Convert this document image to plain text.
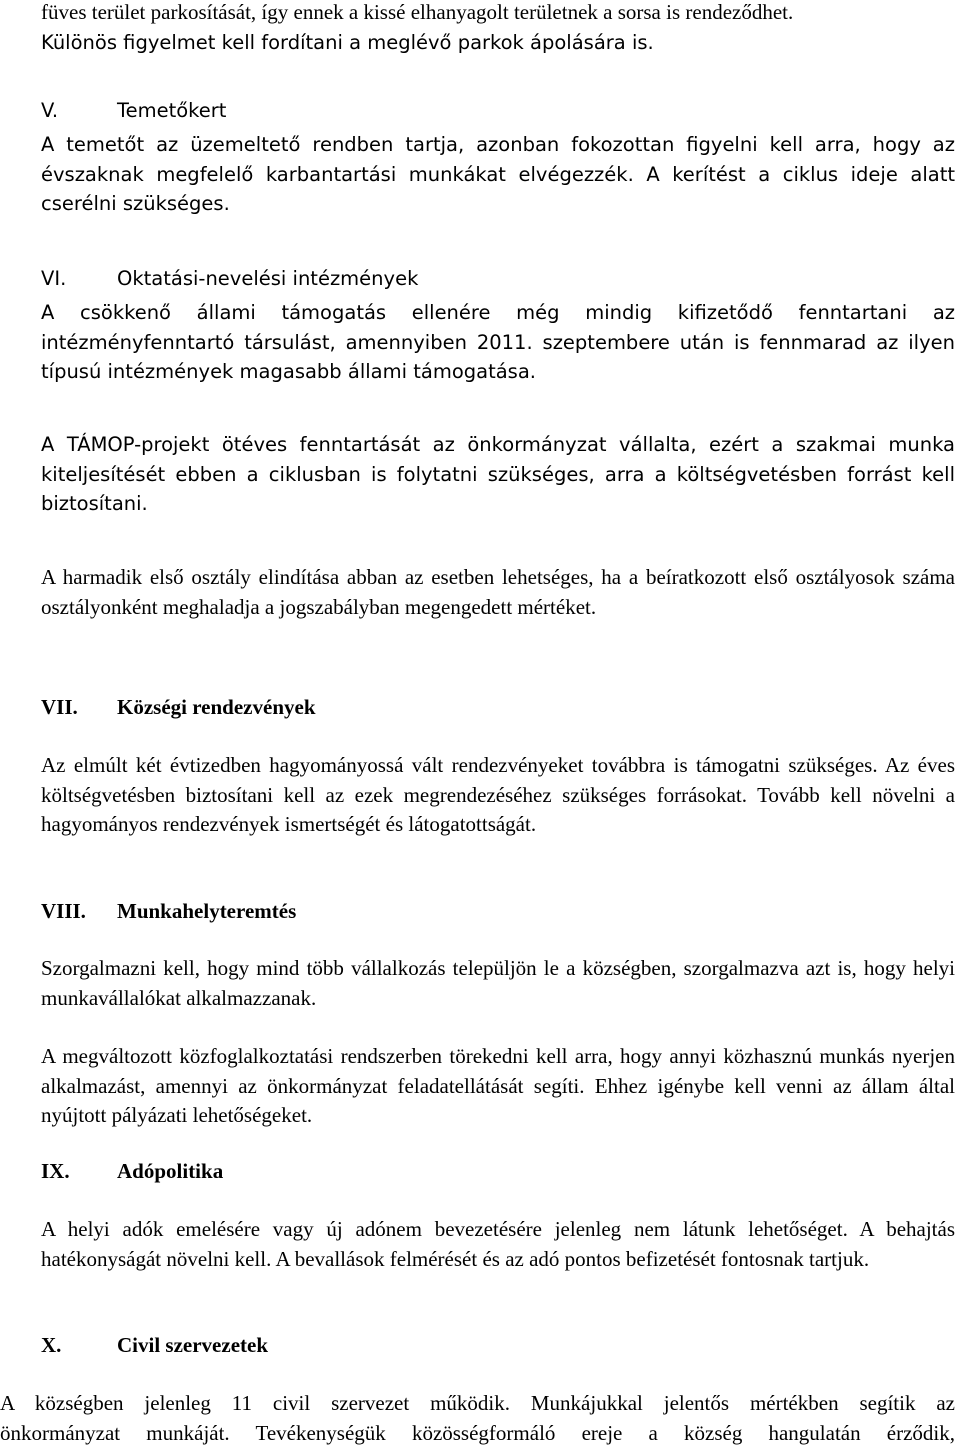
füves terület parkosítását, így ennek a kissé elhanyagolt területnek a sorsa is rendeződhet.
Különös figyelmet kell fordítani a meglévő parkok ápolására is.
V.	Temetőkert
A temetőt az üzemeltető rendben tartja, azonban fokozottan figyelni kell arra, hogy az évszaknak megfelelő karbantartási munkákat elvégezzék. A kerítést a ciklus ideje alatt cserélni szükséges.
VI.	Oktatási-nevelési intézmények
A csökkenő állami támogatás ellenére még mindig kifizetődő fenntartani az intézményfenntartó társulást, amennyiben 2011. szeptembere után is fennmarad az ilyen típusú intézmények magasabb állami támogatása.
A TÁMOP-projekt ötéves fenntartását az önkormányzat vállalta, ezért a szakmai munka kiteljesítését ebben a ciklusban is folytatni szükséges, arra a költségvetésben forrást kell biztosítani.
A harmadik első osztály elindítása abban az esetben lehetséges, ha a beíratkozott első osztályosok száma osztályonként meghaladja a jogszabályban megengedett mértéket.
VII.	Községi rendezvények
Az elmúlt két évtizedben hagyományossá vált rendezvényeket továbbra is támogatni szükséges. Az éves költségvetésben biztosítani kell az ezek megrendezéséhez szükséges forrásokat. Tovább kell növelni a hagyományos rendezvények ismertségét és látogatottságát.
VIII.	Munkahelyteremtés
Szorgalmazni kell, hogy mind több vállalkozás települjön le a községben, szorgalmazva azt is, hogy helyi munkavállalókat alkalmazzanak.
A megváltozott közfoglalkoztatási rendszerben törekedni kell arra, hogy annyi közhasznú munkás nyerjen alkalmazást, amennyi az önkormányzat feladatellátását segíti. Ehhez igénybe kell venni az állam által nyújtott pályázati lehetőségeket.
IX.	Adópolitika
A helyi adók emelésére vagy új adónem bevezetésére jelenleg nem látunk lehetőséget. A behajtás hatékonyságát növelni kell. A bevallások felmérését és az adó pontos befizetését fontosnak tartjuk.
X.	Civil szervezetek
A községben jelenleg 11 civil szervezet működik. Munkájukkal jelentős mértékben segítik az
önkormányzat munkáját. Tevékenységük közösségformáló ereje a község hangulatán érződik,
